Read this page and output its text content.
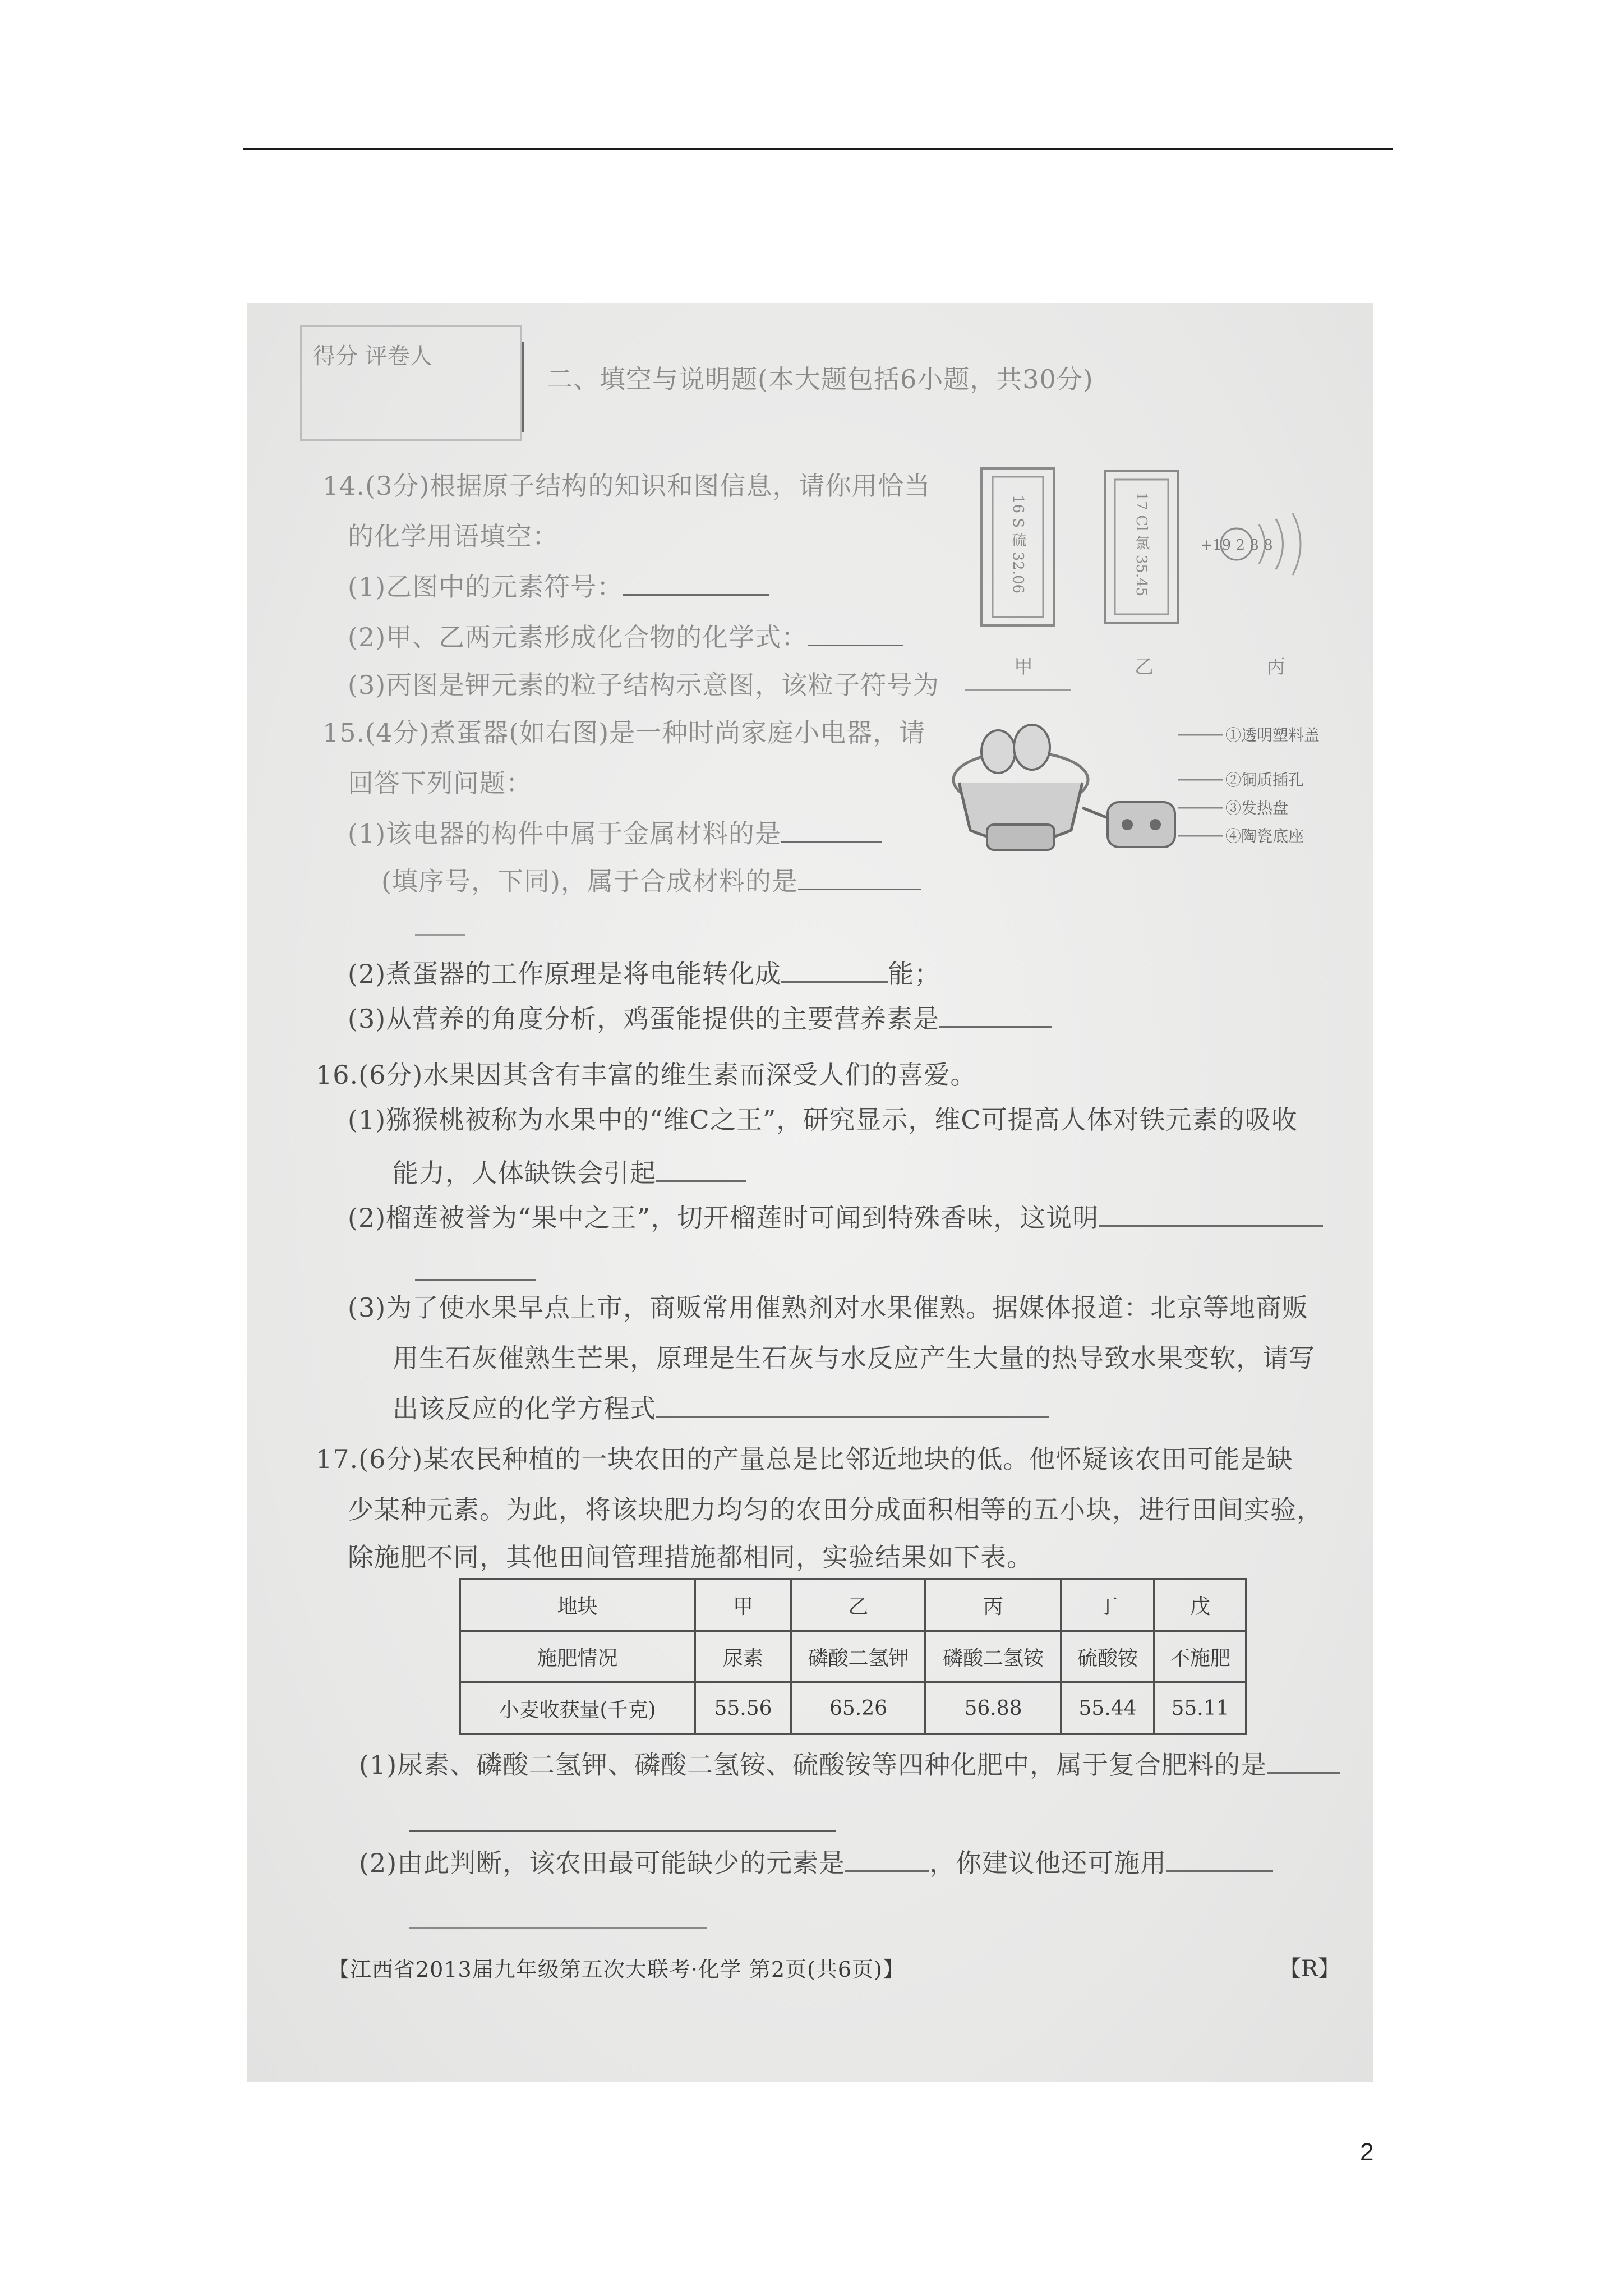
得分 评卷人
二、填空与说明题(本大题包括6小题，共30分)
14.(3分)根据原子结构的知识和图信息，请你用恰当
的化学用语填空：
(1)乙图中的元素符号：
(2)甲、乙两元素形成化合物的化学式：
(3)丙图是钾元素的粒子结构示意图，该粒子符号为
16 S 硫 32.06	17 Cl 氯 35.45	+19 2 8 8
甲	乙	丙
15.(4分)煮蛋器(如右图)是一种时尚家庭小电器，请
回答下列问题：
(1)该电器的构件中属于金属材料的是
(填序号，下同)，属于合成材料的是
(2)煮蛋器的工作原理是将电能转化成	能；
(3)从营养的角度分析，鸡蛋能提供的主要营养素是
①透明塑料盖
②铜质插孔
③发热盘
④陶瓷底座
16.(6分)水果因其含有丰富的维生素而深受人们的喜爱。
(1)猕猴桃被称为水果中的“维C之王”，研究显示，维C可提高人体对铁元素的吸收
能力，人体缺铁会引起
(2)榴莲被誉为“果中之王”，切开榴莲时可闻到特殊香味，这说明
(3)为了使水果早点上市，商贩常用催熟剂对水果催熟。据媒体报道：北京等地商贩
用生石灰催熟生芒果，原理是生石灰与水反应产生大量的热导致水果变软，请写
出该反应的化学方程式
17.(6分)某农民种植的一块农田的产量总是比邻近地块的低。他怀疑该农田可能是缺
少某种元素。为此，将该块肥力均匀的农田分成面积相等的五小块，进行田间实验，
除施肥不同，其他田间管理措施都相同，实验结果如下表。
地块	甲	乙	丙	丁	戊
施肥情况	尿素	磷酸二氢钾	磷酸二氢铵	硫酸铵	不施肥
小麦收获量(千克)	55.56	65.26	56.88	55.44	55.11
(1)尿素、磷酸二氢钾、磷酸二氢铵、硫酸铵等四种化肥中，属于复合肥料的是
(2)由此判断，该农田最可能缺少的元素是	，你建议他还可施用
【江西省2013届九年级第五次大联考·化学 第2页(共6页)】	【R】
2
